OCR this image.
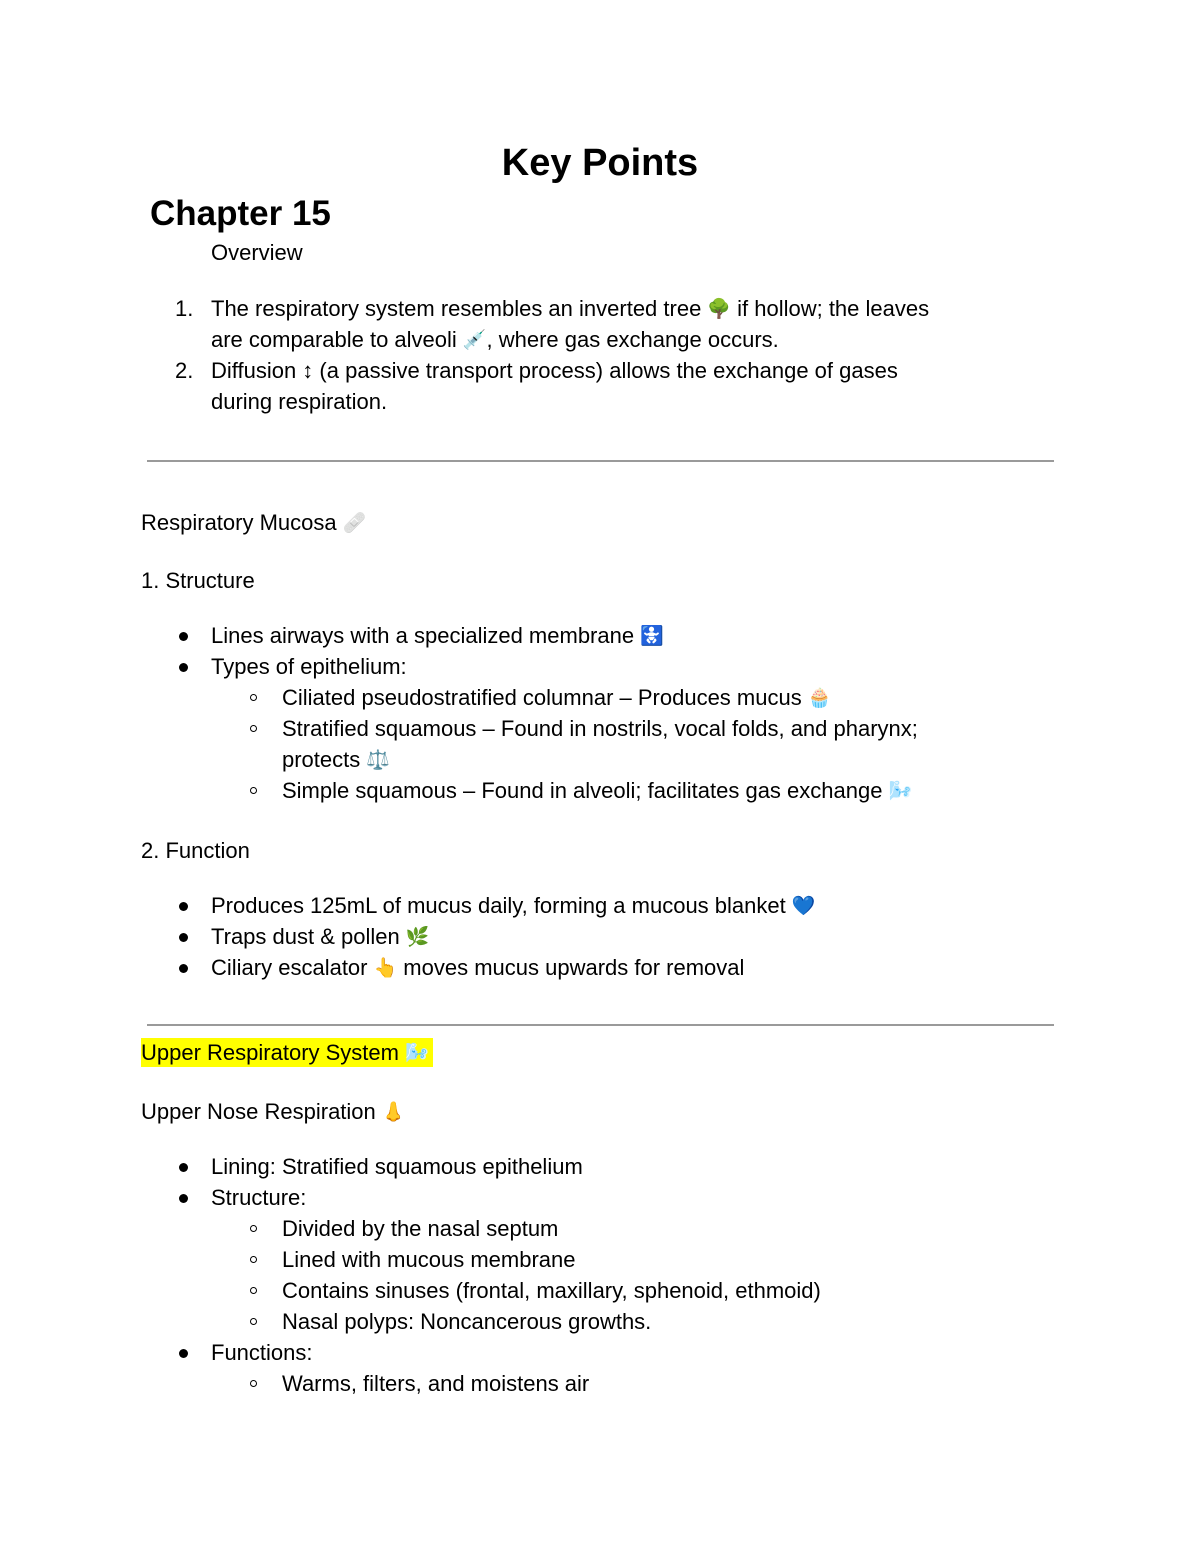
Key Points
Chapter 15
Overview
1. The respiratory system resembles an inverted tree 🌳 if hollow; the leaves
are comparable to alveoli 💉, where gas exchange occurs.
2. Diffusion ↕ (a passive transport process) allows the exchange of gases
during respiration.
Respiratory Mucosa 🩹
1. Structure
Lines airways with a specialized membrane 🚼
Types of epithelium:
Ciliated pseudostratified columnar – Produces mucus 🧁
Stratified squamous – Found in nostrils, vocal folds, and pharynx;
protects ⚖️
Simple squamous – Found in alveoli; facilitates gas exchange 🌬️
2. Function
Produces 125mL of mucus daily, forming a mucous blanket 💙
Traps dust & pollen 🌿
Ciliary escalator 👆 moves mucus upwards for removal
Upper Respiratory System 🌬️
Upper Nose Respiration 👃
Lining: Stratified squamous epithelium
Structure:
Divided by the nasal septum
Lined with mucous membrane
Contains sinuses (frontal, maxillary, sphenoid, ethmoid)
Nasal polyps: Noncancerous growths.
Functions:
Warms, filters, and moistens air
